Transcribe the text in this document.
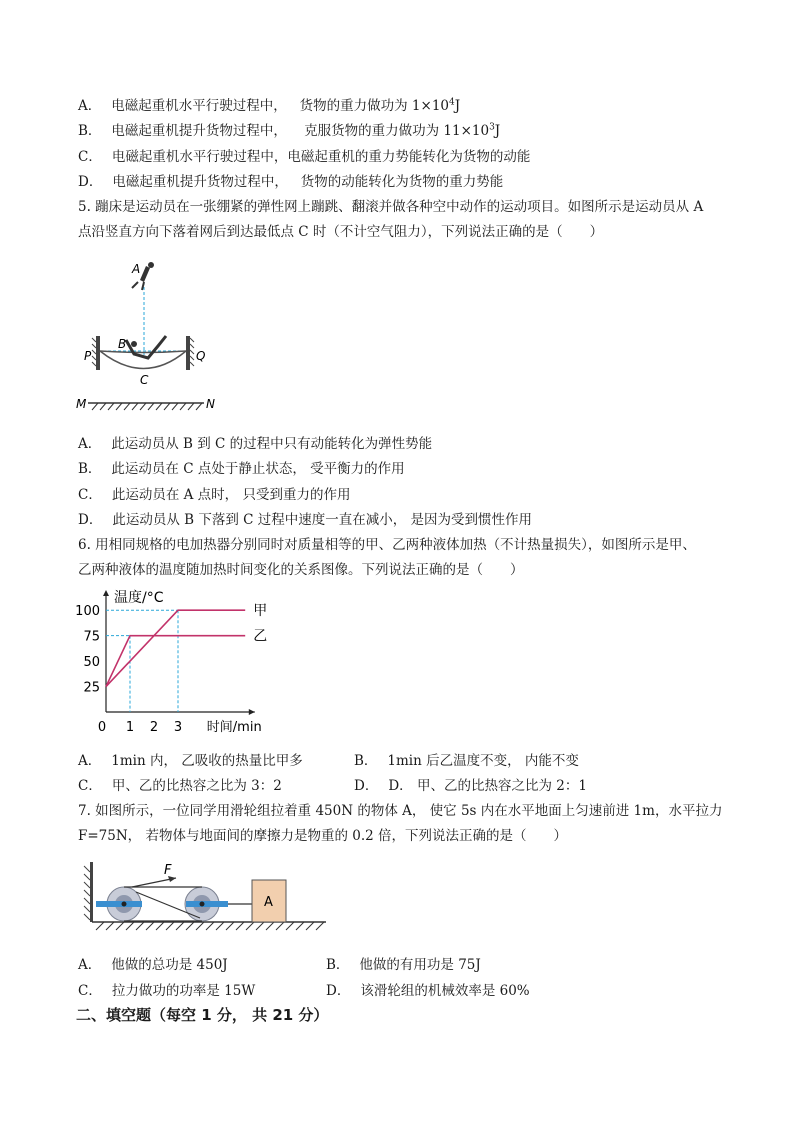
A． 电磁起重机水平行驶过程中， 货物的重力做功为 $1\times 10^4J$
B． 电磁起重机提升货物过程中， 克服货物的重力做功为 $11\times 10^3J$
C． 电磁起重机水平行驶过程中，电磁起重机的重力势能转化为货物的动能
D． 电磁起重机提升货物过程中， 货物的动能转化为货物的重力势能
5. 蹦床是运动员在一张绷紧的弹性网上蹦跳、翻滚并做各种空中动作的运动项目。如图所示是运动员从 A
点沿竖直方向下落着网后到达最低点 C 时（不计空气阻力），下列说法正确的是（　　）
A
P	Q
B
C
M	N
A． 此运动员从 B 到 C 的过程中只有动能转化为弹性势能
B． 此运动员在 C 点处于静止状态， 受平衡力的作用
C． 此运动员在 A 点时， 只受到重力的作用
D． 此运动员从 B 下落到 C 过程中速度一直在减小， 是因为受到惯性作用
6. 用相同规格的电加热器分别同时对质量相等的甲、乙两种液体加热（不计热量损失），如图所示是甲、
乙两种液体的温度随加热时间变化的关系图像。下列说法正确的是（　　）
温度/°C
时间/min
25
50
75
100
0 1 2 3
甲
乙
A． 1min 内， 乙吸收的热量比甲多	B． 1min 后乙温度不变， 内能不变
C． 甲、乙的比热容之比为 3：2	D． D． 甲、乙的比热容之比为 2：1
7. 如图所示，一位同学用滑轮组拉着重 450N 的物体 A， 使它 5s 内在水平地面上匀速前进 1m，水平拉力
F=75N， 若物体与地面间的摩擦力是物重的 0.2 倍，下列说法正确的是（　　）
F
A
A． 他做的总功是 450J	B． 他做的有用功是 75J
C． 拉力做功的功率是 15W	D． 该滑轮组的机械效率是 60%
二、填空题（每空 1 分， 共 21 分）
